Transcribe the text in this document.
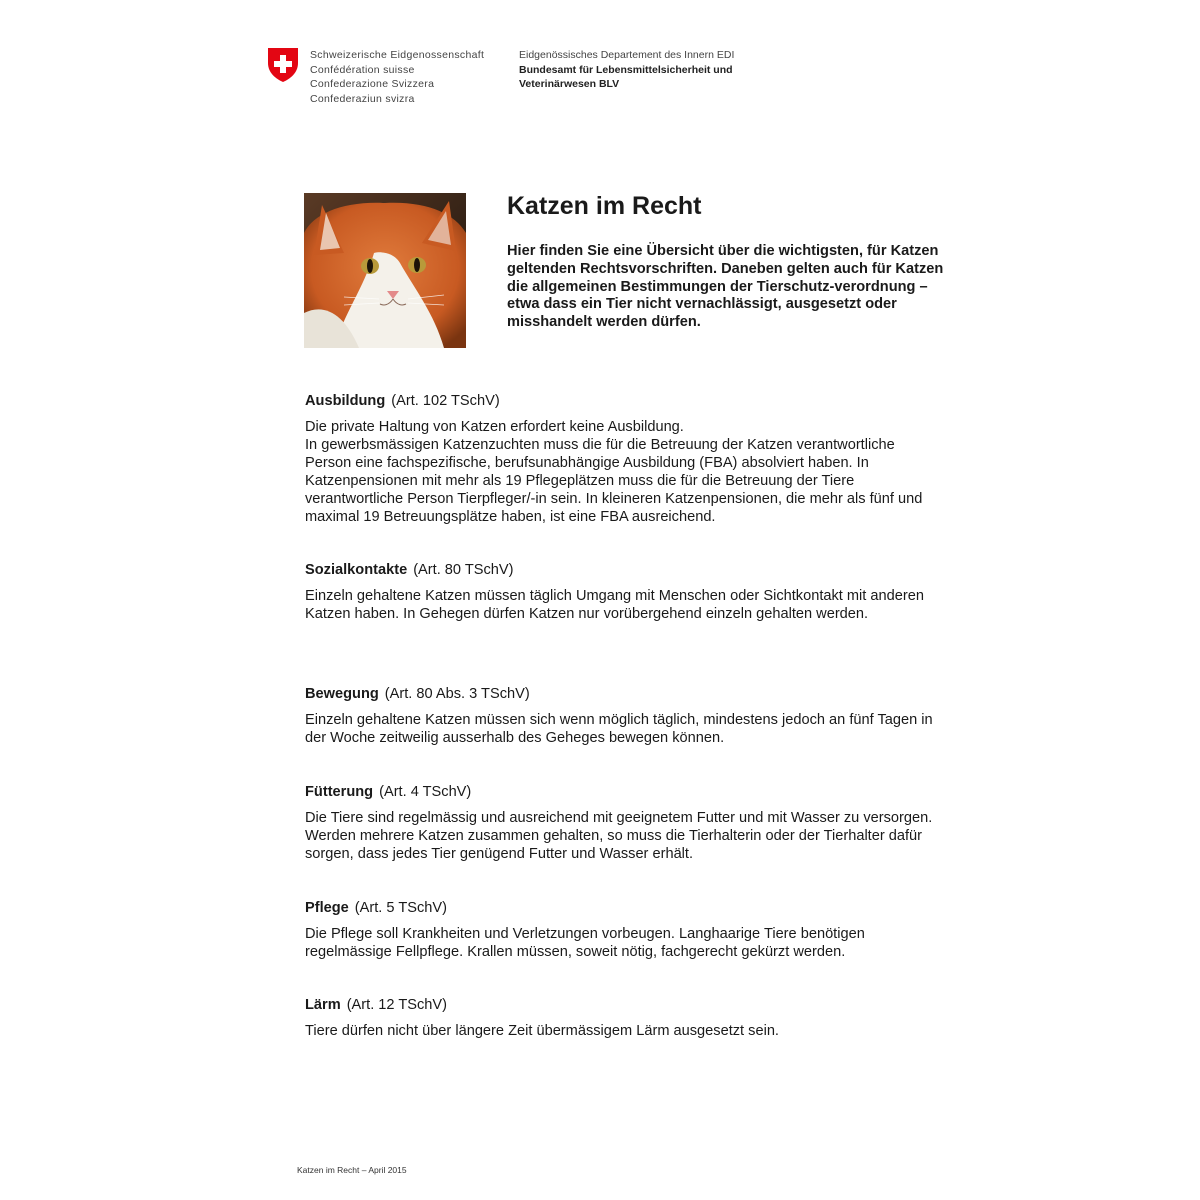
Schweizerische Eidgenossenschaft
Confédération suisse
Confederazione Svizzera
Confederaziun svizra
Eidgenössisches Departement des Innern EDI
Bundesamt für Lebensmittelsicherheit und
Veterinärwesen BLV
Katzen im Recht

Hier finden Sie eine Übersicht über die wichtigsten, für Katzen geltenden Rechtsvorschriften. Daneben gelten auch für Katzen die allgemeinen Bestimmungen der Tierschutz-verordnung – etwa dass ein Tier nicht vernachlässigt, ausgesetzt oder misshandelt werden dürfen.

Ausbildung (Art. 102 TSchV)

Die private Haltung von Katzen erfordert keine Ausbildung.

In gewerbsmässigen Katzenzuchten muss die für die Betreuung der Katzen verantwortliche Person eine fachspezifische, berufsunabhängige Ausbildung (FBA) absolviert haben. In Katzenpensionen mit mehr als 19 Pflegeplätzen muss die für die Betreuung der Tiere verantwortliche Person Tierpfleger/-in sein. In kleineren Katzenpensionen, die mehr als fünf und maximal 19 Betreuungsplätze haben, ist eine FBA ausreichend.

Sozialkontakte (Art. 80 TSchV)

Einzeln gehaltene Katzen müssen täglich Umgang mit Menschen oder Sichtkontakt mit anderen Katzen haben. In Gehegen dürfen Katzen nur vorübergehend einzeln gehalten werden.

Bewegung (Art. 80 Abs. 3 TSchV)

Einzeln gehaltene Katzen müssen sich wenn möglich täglich, mindestens jedoch an fünf Tagen in der Woche zeitweilig ausserhalb des Geheges bewegen können.

Fütterung (Art. 4 TSchV)

Die Tiere sind regelmässig und ausreichend mit geeignetem Futter und mit Wasser zu versorgen. Werden mehrere Katzen zusammen gehalten, so muss die Tierhalterin oder der Tierhalter dafür sorgen, dass jedes Tier genügend Futter und Wasser erhält.

Pflege (Art. 5 TSchV)

Die Pflege soll Krankheiten und Verletzungen vorbeugen. Langhaarige Tiere benötigen regelmässige Fellpflege. Krallen müssen, soweit nötig, fachgerecht gekürzt werden.

Lärm (Art. 12 TSchV)

Tiere dürfen nicht über längere Zeit übermässigem Lärm ausgesetzt sein.

Katzen im Recht – April 2015
